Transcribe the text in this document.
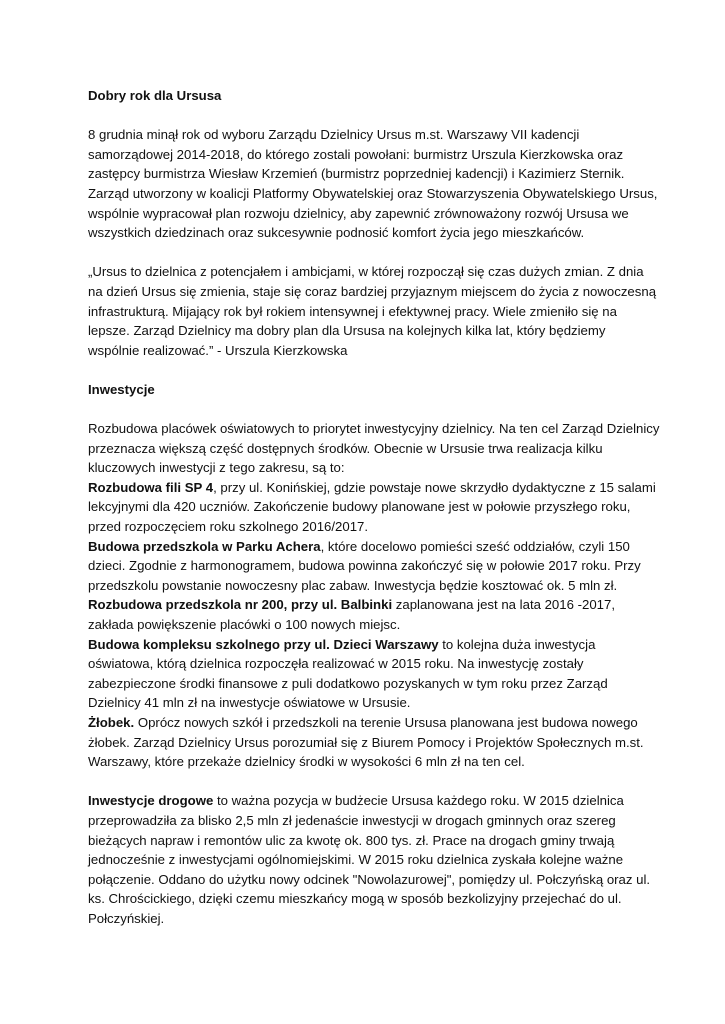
Dobry rok dla Ursusa

8 grudnia minął rok od wyboru Zarządu Dzielnicy Ursus m.st. Warszawy VII kadencji samorządowej 2014-2018, do którego zostali powołani: burmistrz Urszula Kierzkowska oraz zastępcy burmistrza Wiesław Krzemień (burmistrz poprzedniej kadencji) i Kazimierz Sternik. Zarząd utworzony w koalicji Platformy Obywatelskiej oraz Stowarzyszenia Obywatelskiego Ursus, wspólnie wypracował plan rozwoju dzielnicy, aby zapewnić zrównoważony rozwój Ursusa we wszystkich dziedzinach oraz sukcesywnie podnosić komfort życia jego mieszkańców.

„Ursus to dzielnica z potencjałem i ambicjami, w której rozpoczął się czas dużych zmian. Z dnia na dzień Ursus się zmienia, staje się coraz bardziej przyjaznym miejscem do życia z nowoczesną infrastrukturą. Mijający rok był rokiem intensywnej i efektywnej pracy. Wiele zmieniło się na lepsze. Zarząd Dzielnicy ma dobry plan dla Ursusa na kolejnych kilka lat, który będziemy wspólnie realizować.” - Urszula Kierzkowska

Inwestycje

Rozbudowa placówek oświatowych to priorytet inwestycyjny dzielnicy. Na ten cel Zarząd Dzielnicy przeznacza większą część dostępnych środków. Obecnie w Ursusie trwa realizacja kilku kluczowych inwestycji z tego zakresu, są to:

Rozbudowa fili SP 4, przy ul. Konińskiej, gdzie powstaje nowe skrzydło dydaktyczne z 15 salami lekcyjnymi dla 420 uczniów. Zakończenie budowy planowane jest w połowie przyszłego roku, przed rozpoczęciem roku szkolnego 2016/2017.

Budowa przedszkola w Parku Achera, które docelowo pomieści sześć oddziałów, czyli 150 dzieci. Zgodnie z harmonogramem, budowa powinna zakończyć się w połowie 2017 roku. Przy przedszkolu powstanie nowoczesny plac zabaw. Inwestycja będzie kosztować ok. 5 mln zł.

Rozbudowa przedszkola nr 200, przy ul. Balbinki zaplanowana jest na lata 2016 -2017, zakłada powiększenie placówki o 100 nowych miejsc.

Budowa kompleksu szkolnego przy ul. Dzieci Warszawy to kolejna duża inwestycja oświatowa, którą dzielnica rozpoczęła realizować w 2015 roku. Na inwestycję zostały zabezpieczone środki finansowe z puli dodatkowo pozyskanych w tym roku przez Zarząd Dzielnicy 41 mln zł na inwestycje oświatowe w Ursusie.

Żłobek. Oprócz nowych szkół i przedszkoli na terenie Ursusa planowana jest budowa nowego żłobek. Zarząd Dzielnicy Ursus porozumiał się z Biurem Pomocy i Projektów Społecznych m.st. Warszawy, które przekaże dzielnicy środki w wysokości 6 mln zł na ten cel.

Inwestycje drogowe to ważna pozycja w budżecie Ursusa każdego roku. W 2015 dzielnica przeprowadziła za blisko 2,5 mln zł jedenaście inwestycji w drogach gminnych oraz szereg bieżących napraw i remontów ulic za kwotę ok. 800 tys. zł. Prace na drogach gminy trwają jednocześnie z inwestycjami ogólnomiejskimi. W 2015 roku dzielnica zyskała kolejne ważne połączenie. Oddano do użytku nowy odcinek "Nowolazurowej", pomiędzy ul. Połczyńską oraz ul. ks. Chrościckiego, dzięki czemu mieszkańcy mogą w sposób bezkolizyjny przejechać do ul. Połczyńskiej.
